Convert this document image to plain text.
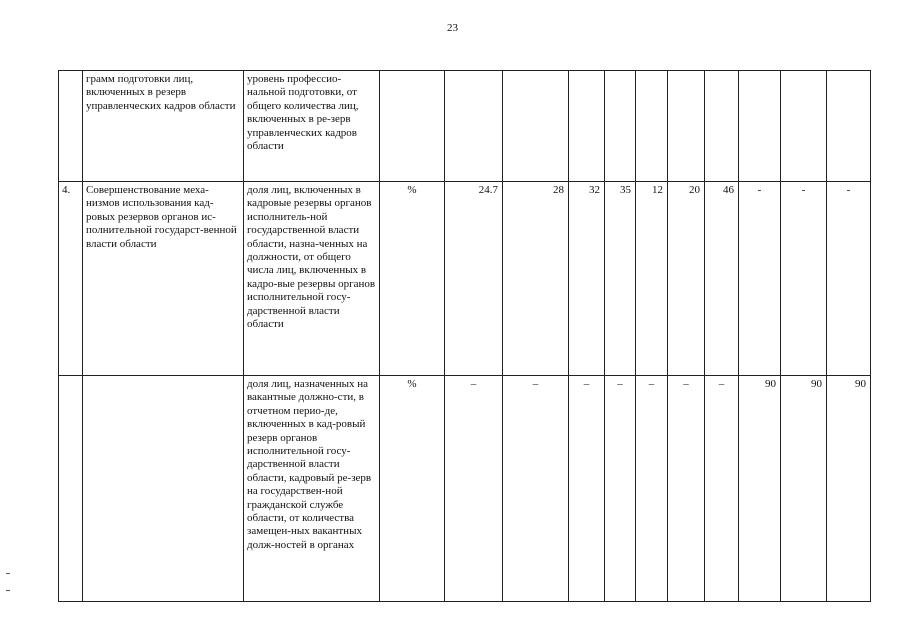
23
	грамм подготовки лиц, включенных в резерв управленческих кадров области	уровень профессио-нальной подготовки, от общего количества лиц, включенных в ре-зерв управленческих кадров области											
4.	Совершенствование меха-низмов использования кад-ровых резервов органов ис-полнительной государст-венной власти области	доля лиц, включенных в кадровые резервы органов исполнитель-ной государственной власти области, назна-ченных на должности, от общего числа лиц, включенных в кадро-вые резервы органов исполнительной госу-дарственной власти области	%	24.7	28	32	35	12	20	46	-	-	-
		доля лиц, назначенных на вакантные должно-сти, в отчетном перио-де, включенных в кад-ровый резерв органов исполнительной госу-дарственной власти области, кадровый ре-зерв на государствен-ной гражданской службе области, от количества замещен-ных вакантных долж-ностей в органах	%	–	–	–	–	–	–	–	90	90	90
